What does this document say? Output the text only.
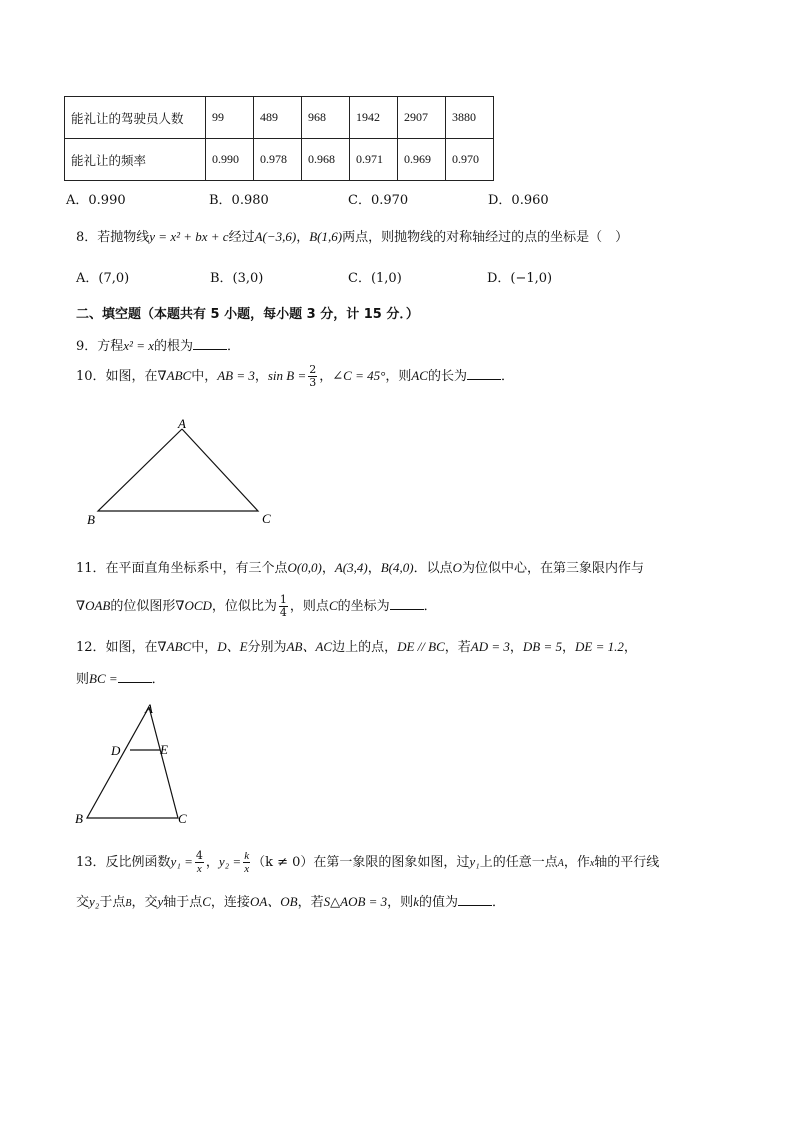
能礼让的驾驶员人数	99	489	968	1942	2907	3880
能礼让的频率	0.990	0.978	0.968	0.971	0.969	0.970
A．0.990	B．0.980	C．0.970	D．0.960
8．若抛物线y = x² + bx + c经过A(−3,6)，B(1,6)两点，则抛物线的对称轴经过的点的坐标是（　）
A．(7,0)	B．(3,0)	C．(1,0)	D．(−1,0)
二、填空题（本题共有 5 小题，每小题 3 分，计 15 分．）
9．方程x² = x的根为	．
10．如图，在∇ABC中，AB = 3，$\sin B = \frac{2}{3}$ ，∠C = 45°，则AC的长为	．
A
B	C
11．在平面直角坐标系中，有三个点O(0,0)，A(3,4)，B(4,0)．以点O为位似中心，在第三象限内作与
∇OAB的位似图形∇OCD，位似比为 $\frac{1}{4}$ ，则点C的坐标为	．
12．如图，在∇ABC中，D、E分别为AB、AC边上的点，DE // BC，若AD = 3，DB = 5，DE = 1.2，
则BC =	．
A
D	E
B	C
13．反比例函数$y_1 = \frac{4}{x}$ ，$y_2 = \frac{k}{x} (k \ne 0)$在第一象限的图象如图，过y₁上的任意一点A，作x轴的平行线
交y₂于点B，交y轴于点C，连接OA、OB，若S△AOB = 3，则k的值为	．
